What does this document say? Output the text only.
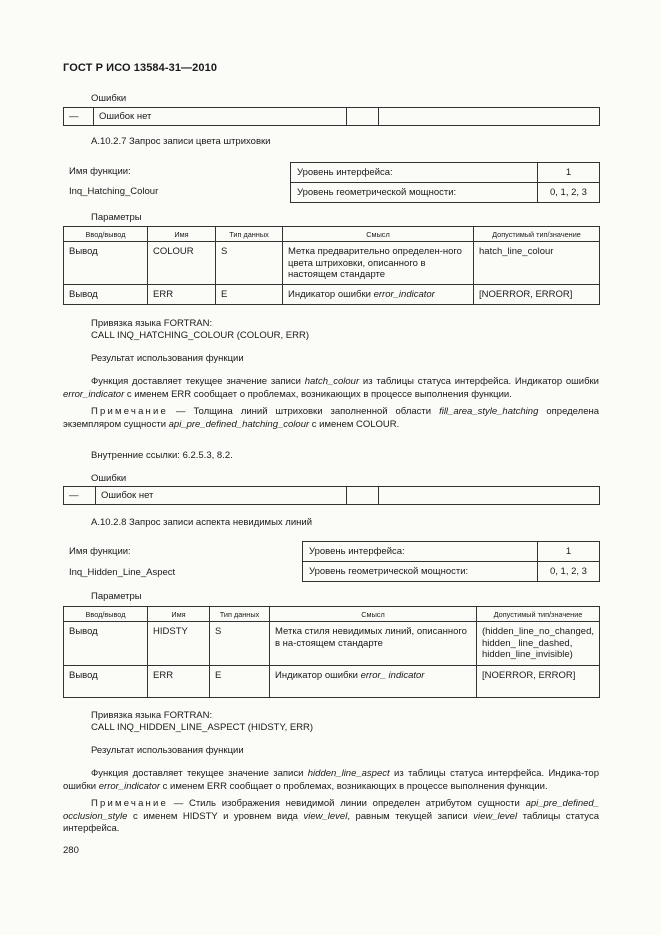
ГОСТ Р ИСО 13584-31—2010
Ошибки
—	Ошибок нет		
А.10.2.7 Запрос записи цвета штриховки
Имя функции:
Inq_Hatching_Colour
Уровень интерфейса:	1
Уровень геометрической мощности:	0, 1, 2, 3
Параметры
Ввод/вывод	Имя	Тип данных	Смысл	Допустимый тип/значение
Вывод	COLOUR	S	Метка предварительно определен-ного цвета штриховки, описанного в настоящем стандарте	hatch_line_colour
Вывод	ERR	E	Индикатор ошибки error_indicator	[NOERROR, ERROR]
Привязка языка FORTRAN:
CALL INQ_HATCHING_COLOUR (COLOUR, ERR)
Результат использования функции
Функция доставляет текущее значение записи hatch_colour из таблицы статуса интерфейса. Индикатор ошибки error_indicator с именем ERR сообщает о проблемах, возникающих в процессе выполнения функции.
Примечание — Толщина линий штриховки заполненной области fill_area_style_hatching определена экземпляром сущности api_pre_defined_hatching_colour с именем COLOUR.
Внутренние ссылки: 6.2.5.3, 8.2.
Ошибки
—	Ошибок нет		
А.10.2.8 Запрос записи аспекта невидимых линий
Имя функции:
Inq_Hidden_Line_Aspect
Уровень интерфейса:	1
Уровень геометрической мощности:	0, 1, 2, 3
Параметры
Ввод/вывод	Имя	Тип данных	Смысл	Допустимый тип/значение
Вывод	HIDSTY	S	Метка стиля невидимых линий, описанного в на-стоящем стандарте	(hidden_line_no_changed, hidden_ line_dashed, hidden_line_invisible)
Вывод	ERR	E	Индикатор ошибки error_ indicator	[NOERROR, ERROR]
Привязка языка FORTRAN:
CALL INQ_HIDDEN_LINE_ASPECT (HIDSTY, ERR)
Результат использования функции
Функция доставляет текущее значение записи hidden_line_aspect из таблицы статуса интерфейса. Индика-тор ошибки error_indicator с именем ERR сообщает о проблемах, возникающих в процессе выполнения функции.
Примечание — Стиль изображения невидимой линии определен атрибутом сущности api_pre_defined_ occlusion_style с именем HIDSTY и уровнем вида view_level, равным текущей записи view_level таблицы статуса интерфейса.
280
